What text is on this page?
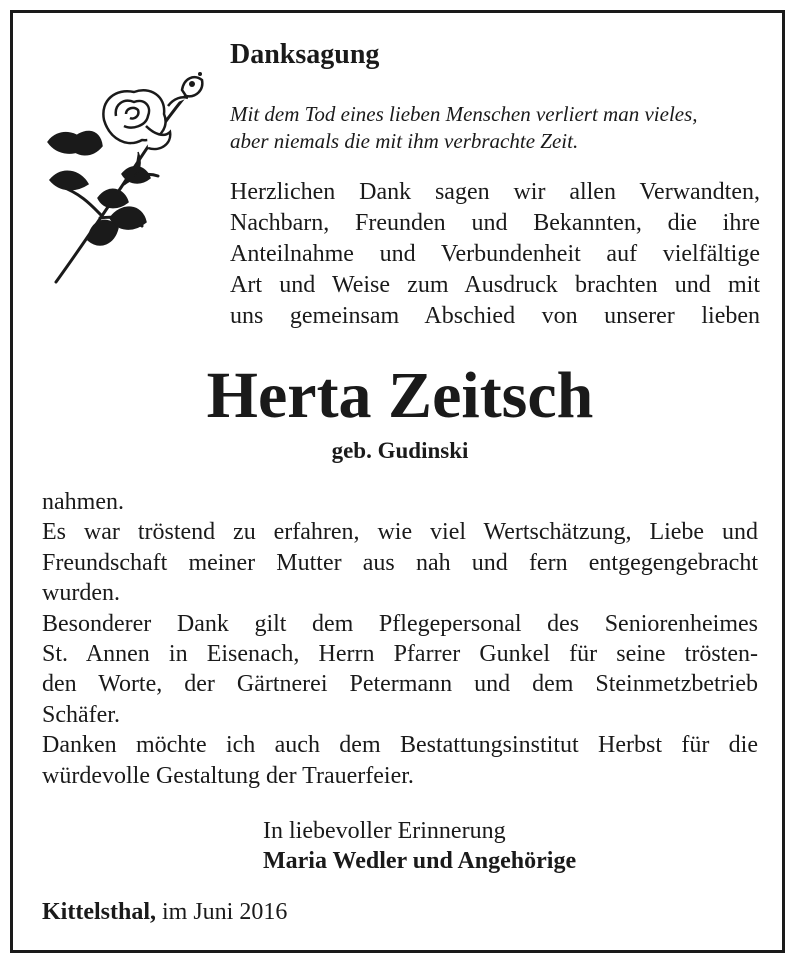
Danksagung

Mit dem Tod eines lieben Menschen verliert man vieles,
aber niemals die mit ihm verbrachte Zeit.

Herzlichen Dank sagen wir allen Verwandten,
Nachbarn, Freunden und Bekannten, die ihre
Anteilnahme und Verbundenheit auf vielfältige
Art und Weise zum Ausdruck brachten und mit
uns gemeinsam Abschied von unserer lieben

Herta Zeitsch

geb. Gudinski

nahmen.
Es war tröstend zu erfahren, wie viel Wertschätzung, Liebe und
Freundschaft meiner Mutter aus nah und fern entgegengebracht
wurden.
Besonderer Dank gilt dem Pflegepersonal des Seniorenheimes
St. Annen in Eisenach, Herrn Pfarrer Gunkel für seine trösten-
den Worte, der Gärtnerei Petermann und dem Steinmetzbetrieb
Schäfer.
Danken möchte ich auch dem Bestattungsinstitut Herbst für die
würdevolle Gestaltung der Trauerfeier.

In liebevoller Erinnerung
Maria Wedler und Angehörige

Kittelsthal, im Juni 2016
